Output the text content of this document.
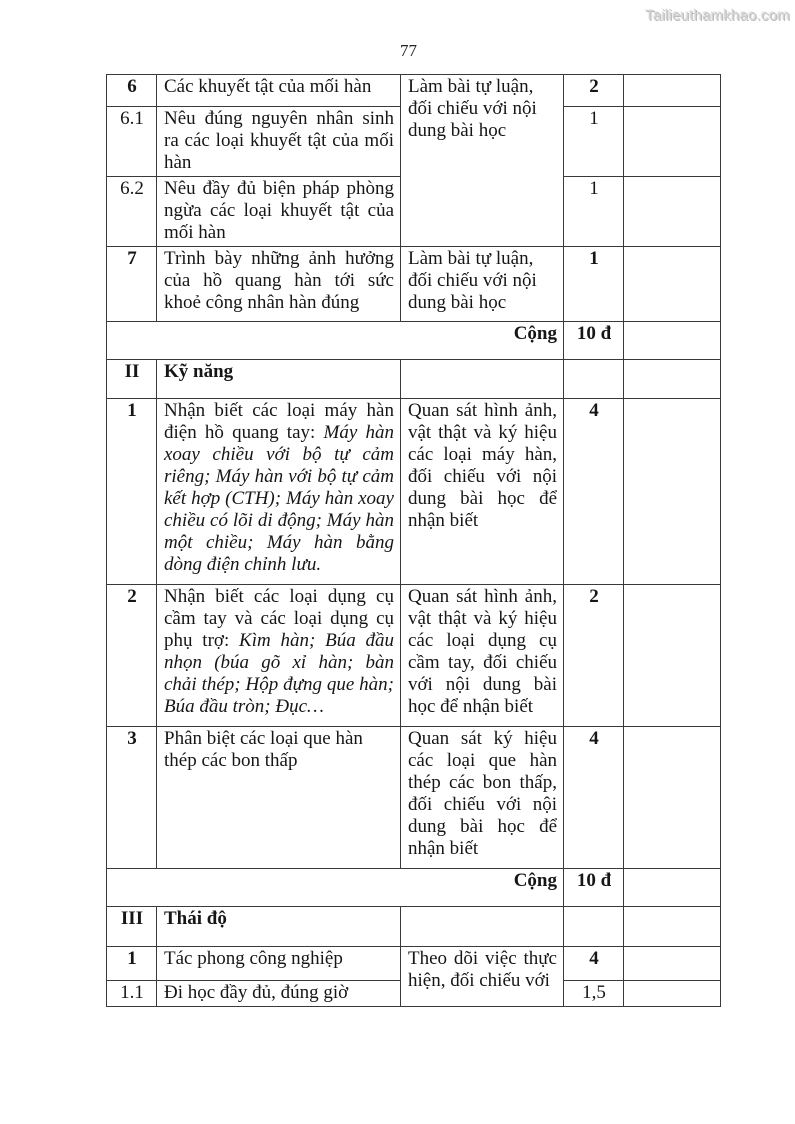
Tailieuthamkhao.com
77
6	Các khuyết tật của mối hàn	Làm bài tự luận, đối chiếu với nội dung bài học	2	
6.1	Nêu đúng nguyên nhân sinh ra các loại khuyết tật của mối hàn		1	
6.2	Nêu đầy đủ biện pháp phòng ngừa các loại khuyết tật của mối hàn		1	
7	Trình bày những ảnh hưởng của hồ quang hàn tới sức khoẻ công nhân hàn đúng	Làm bài tự luận, đối chiếu với nội dung bài học	1	
Cộng			10 đ	
II	Kỹ năng			
1	Nhận biết các loại máy hàn điện hồ quang tay: Máy hàn xoay chiều với bộ tự cảm riêng; Máy hàn với bộ tự cảm kết hợp (CTH); Máy hàn xoay chiều có lõi di động; Máy hàn một chiều; Máy hàn bằng dòng điện chỉnh lưu.	Quan sát hình ảnh, vật thật và ký hiệu các loại máy hàn, đối chiếu với nội dung bài học để nhận biết	4	
2	Nhận biết các loại dụng cụ cầm tay và các loại dụng cụ phụ trợ: Kìm hàn; Búa đầu nhọn (búa gõ xỉ hàn; bàn chải thép; Hộp đựng que hàn; Búa đầu tròn; Đục…	Quan sát hình ảnh, vật thật và ký hiệu các loại dụng cụ cầm tay, đối chiếu với nội dung bài học để nhận biết	2	
3	Phân biệt các loại que hàn thép các bon thấp	Quan sát ký hiệu các loại que hàn thép các bon thấp, đối chiếu với nội dung bài học để nhận biết	4	
Cộng			10 đ	
III	Thái độ			
1	Tác phong công nghiệp	Theo dõi việc thực hiện, đối chiếu với	4	
1.1	Đi học đầy đủ, đúng giờ		1,5	
